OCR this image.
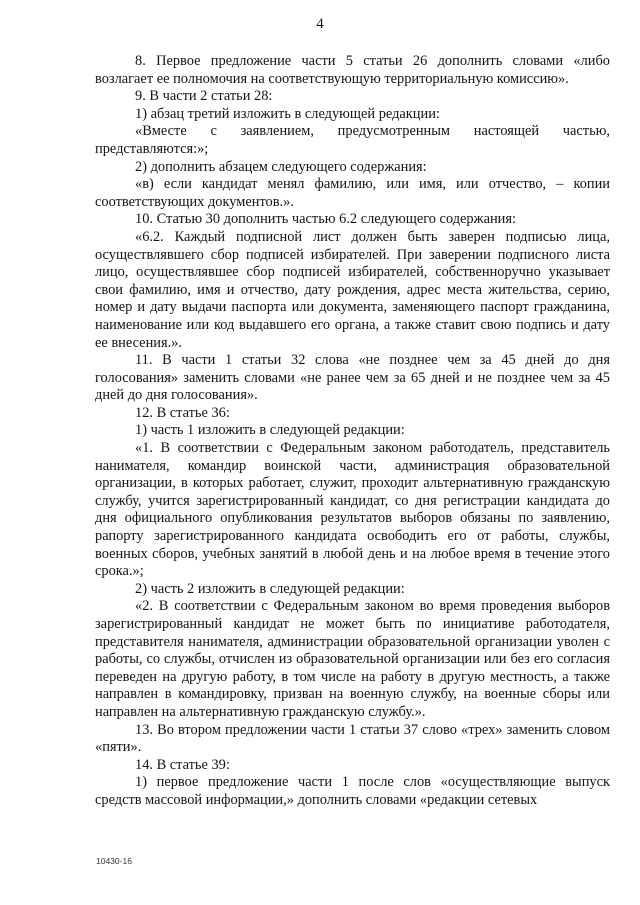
4

8. Первое предложение части 5 статьи 26 дополнить словами «либо возлагает ее полномочия на соответствующую территориальную комиссию».

9. В части 2 статьи 28:

1) абзац третий изложить в следующей редакции:

«Вместе с заявлением, предусмотренным настоящей частью, представляются:»;

2) дополнить абзацем следующего содержания:

«в) если кандидат менял фамилию, или имя, или отчество, – копии соответствующих документов.».

10. Статью 30 дополнить частью 6.2 следующего содержания:

«6.2. Каждый подписной лист должен быть заверен подписью лица, осуществлявшего сбор подписей избирателей. При заверении подписного листа лицо, осуществлявшее сбор подписей избирателей, собственноручно указывает свои фамилию, имя и отчество, дату рождения, адрес места жительства, серию, номер и дату выдачи паспорта или документа, заменяющего паспорт гражданина, наименование или код выдавшего его органа, а также ставит свою подпись и дату ее внесения.».

11. В части 1 статьи 32 слова «не позднее чем за 45 дней до дня голосования» заменить словами «не ранее чем за 65 дней и не позднее чем за 45 дней до дня голосования».

12. В статье 36:

1) часть 1 изложить в следующей редакции:

«1. В соответствии с Федеральным законом работодатель, представитель нанимателя, командир воинской части, администрация образовательной организации, в которых работает, служит, проходит альтернативную гражданскую службу, учится зарегистрированный кандидат, со дня регистрации кандидата до дня официального опубликования результатов выборов обязаны по заявлению, рапорту зарегистрированного кандидата освободить его от работы, службы, военных сборов, учебных занятий в любой день и на любое время в течение этого срока.»;

2) часть 2 изложить в следующей редакции:

«2. В соответствии с Федеральным законом во время проведения выборов зарегистрированный кандидат не может быть по инициативе работодателя, представителя нанимателя, администрации образовательной организации уволен с работы, со службы, отчислен из образовательной организации или без его согласия переведен на другую работу, в том числе на работу в другую местность, а также направлен в командировку, призван на военную службу, на военные сборы или направлен на альтернативную гражданскую службу.».

13. Во втором предложении части 1 статьи 37 слово «трех» заменить словом «пяти».

14. В статье 39:

1) первое предложение части 1 после слов «осуществляющие выпуск средств массовой информации,» дополнить словами «редакции сетевых

10430-16
